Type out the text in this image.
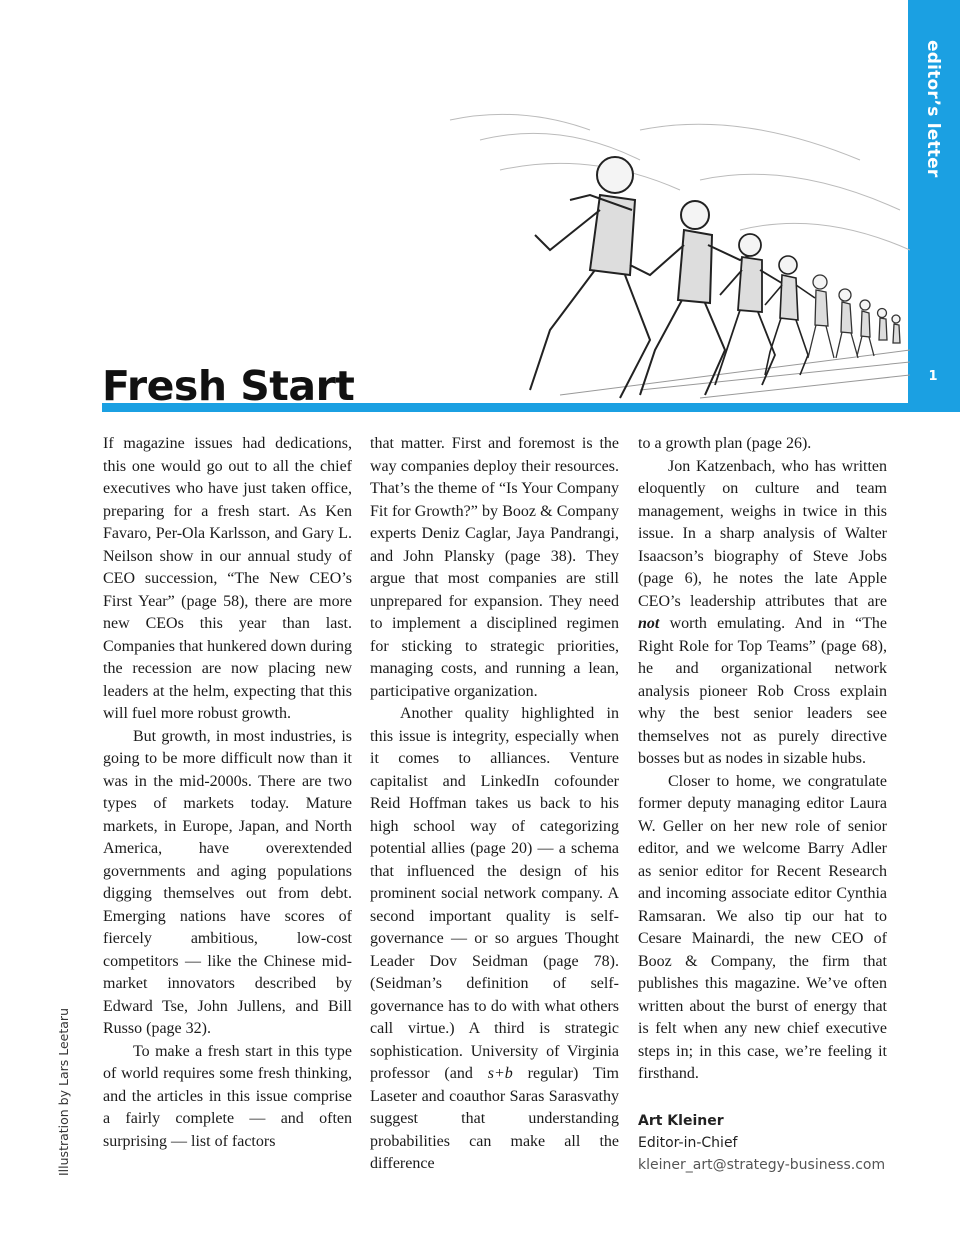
editor’s letter
1
Fresh Start
Illustration by Lars Leetaru

If magazine issues had dedications, this one would go out to all the chief executives who have just taken office, preparing for a fresh start. As Ken Favaro, Per-Ola Karlsson, and Gary L. Neilson show in our annual study of CEO succession, “The New CEO’s First Year” (page 58), there are more new CEOs this year than last. Companies that hunkered down during the recession are now placing new leaders at the helm, expecting that this will fuel more robust growth.

But growth, in most industries, is going to be more difficult now than it was in the mid-2000s. There are two types of markets today. Mature markets, in Europe, Japan, and North America, have overextended governments and aging populations digging themselves out from debt. Emerging nations have scores of fiercely ambitious, low-cost competitors — like the Chinese mid-market innovators described by Edward Tse, John Jullens, and Bill Russo (page 32).

To make a fresh start in this type of world requires some fresh thinking, and the articles in this issue comprise a fairly complete — and often surprising — list of factors

that matter. First and foremost is the way companies deploy their resources. That’s the theme of “Is Your Company Fit for Growth?” by Booz & Company experts Deniz Caglar, Jaya Pandrangi, and John Plansky (page 38). They argue that most companies are still unprepared for expansion. They need to implement a disciplined regimen for sticking to strategic priorities, managing costs, and running a lean, participative organization.

Another quality highlighted in this issue is integrity, especially when it comes to alliances. Venture capitalist and LinkedIn cofounder Reid Hoffman takes us back to his high school way of categorizing potential allies (page 20) — a schema that influenced the design of his prominent social network company. A second important quality is self-governance — or so argues Thought Leader Dov Seidman (page 78). (Seidman’s definition of self-governance has to do with what others call virtue.) A third is strategic sophistication. University of Virginia professor (and s+b regular) Tim Laseter and coauthor Saras Sarasvathy suggest that understanding probabilities can make all the difference

to a growth plan (page 26).

Jon Katzenbach, who has written eloquently on culture and team management, weighs in twice in this issue. In a sharp analysis of Walter Isaacson’s biography of Steve Jobs (page 6), he notes the late Apple CEO’s leadership attributes that are not worth emulating. And in “The Right Role for Top Teams” (page 68), he and organizational network analysis pioneer Rob Cross explain why the best senior leaders see themselves not as purely directive bosses but as nodes in sizable hubs.

Closer to home, we congratulate former deputy managing editor Laura W. Geller on her new role of senior editor, and we welcome Barry Adler as senior editor for Recent Research and incoming associate editor Cynthia Ramsaran. We also tip our hat to Cesare Mainardi, the new CEO of Booz & Company, the firm that publishes this magazine. We’ve often written about the burst of energy that is felt when any new chief executive steps in; in this case, we’re feeling it firsthand.

Art Kleiner
Editor-in-Chief
kleiner_art@strategy-business.com
